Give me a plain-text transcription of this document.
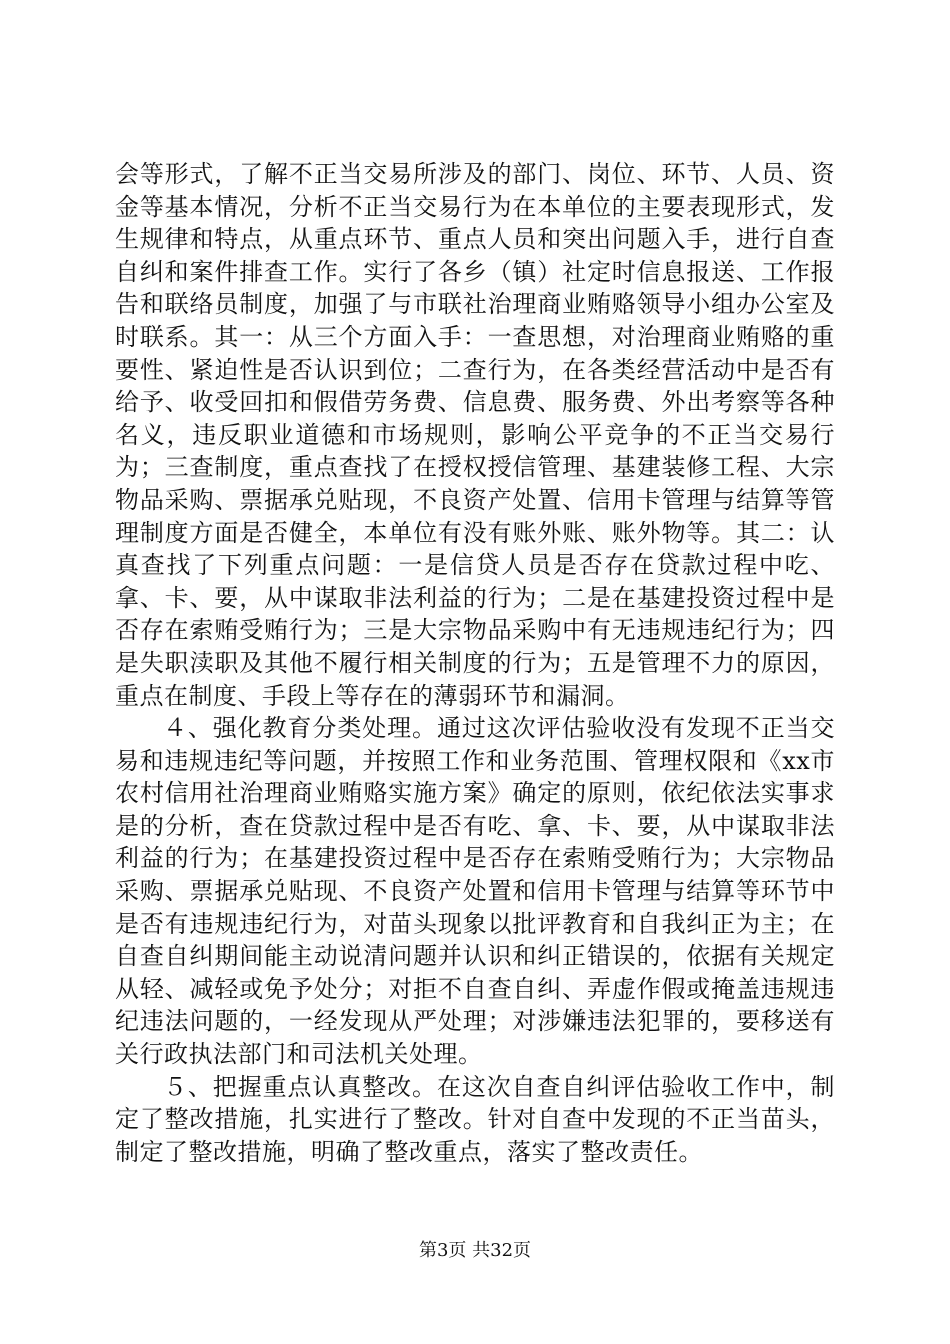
会等形式，了解不正当交易所涉及的部门、岗位、环节、人员、资金等基本情况，分析不正当交易行为在本单位的主要表现形式，发生规律和特点，从重点环节、重点人员和突出问题入手，进行自查自纠和案件排查工作。实行了各乡（镇）社定时信息报送、工作报告和联络员制度，加强了与市联社治理商业贿赂领导小组办公室及时联系。其一：从三个方面入手：一查思想，对治理商业贿赂的重要性、紧迫性是否认识到位；二查行为，在各类经营活动中是否有给予、收受回扣和假借劳务费、信息费、服务费、外出考察等各种名义，违反职业道德和市场规则，影响公平竞争的不正当交易行为；三查制度，重点查找了在授权授信管理、基建装修工程、大宗物品采购、票据承兑贴现，不良资产处置、信用卡管理与结算等管理制度方面是否健全，本单位有没有账外账、账外物等。其二：认真查找了下列重点问题：一是信贷人员是否存在贷款过程中吃、拿、卡、要，从中谋取非法利益的行为；二是在基建投资过程中是否存在索贿受贿行为；三是大宗物品采购中有无违规违纪行为；四是失职渎职及其他不履行相关制度的行为；五是管理不力的原因，重点在制度、手段上等存在的薄弱环节和漏洞。

４、强化教育分类处理。通过这次评估验收没有发现不正当交易和违规违纪等问题，并按照工作和业务范围、管理权限和《xx市农村信用社治理商业贿赂实施方案》确定的原则，依纪依法实事求是的分析，查在贷款过程中是否有吃、拿、卡、要，从中谋取非法利益的行为；在基建投资过程中是否存在索贿受贿行为；大宗物品采购、票据承兑贴现、不良资产处置和信用卡管理与结算等环节中是否有违规违纪行为，对苗头现象以批评教育和自我纠正为主；在自查自纠期间能主动说清问题并认识和纠正错误的，依据有关规定从轻、减轻或免予处分；对拒不自查自纠、弄虚作假或掩盖违规违纪违法问题的，一经发现从严处理；对涉嫌违法犯罪的，要移送有关行政执法部门和司法机关处理。

５、把握重点认真整改。在这次自查自纠评估验收工作中，制定了整改措施，扎实进行了整改。针对自查中发现的不正当苗头，制定了整改措施，明确了整改重点，落实了整改责任。

第3页 共32页
